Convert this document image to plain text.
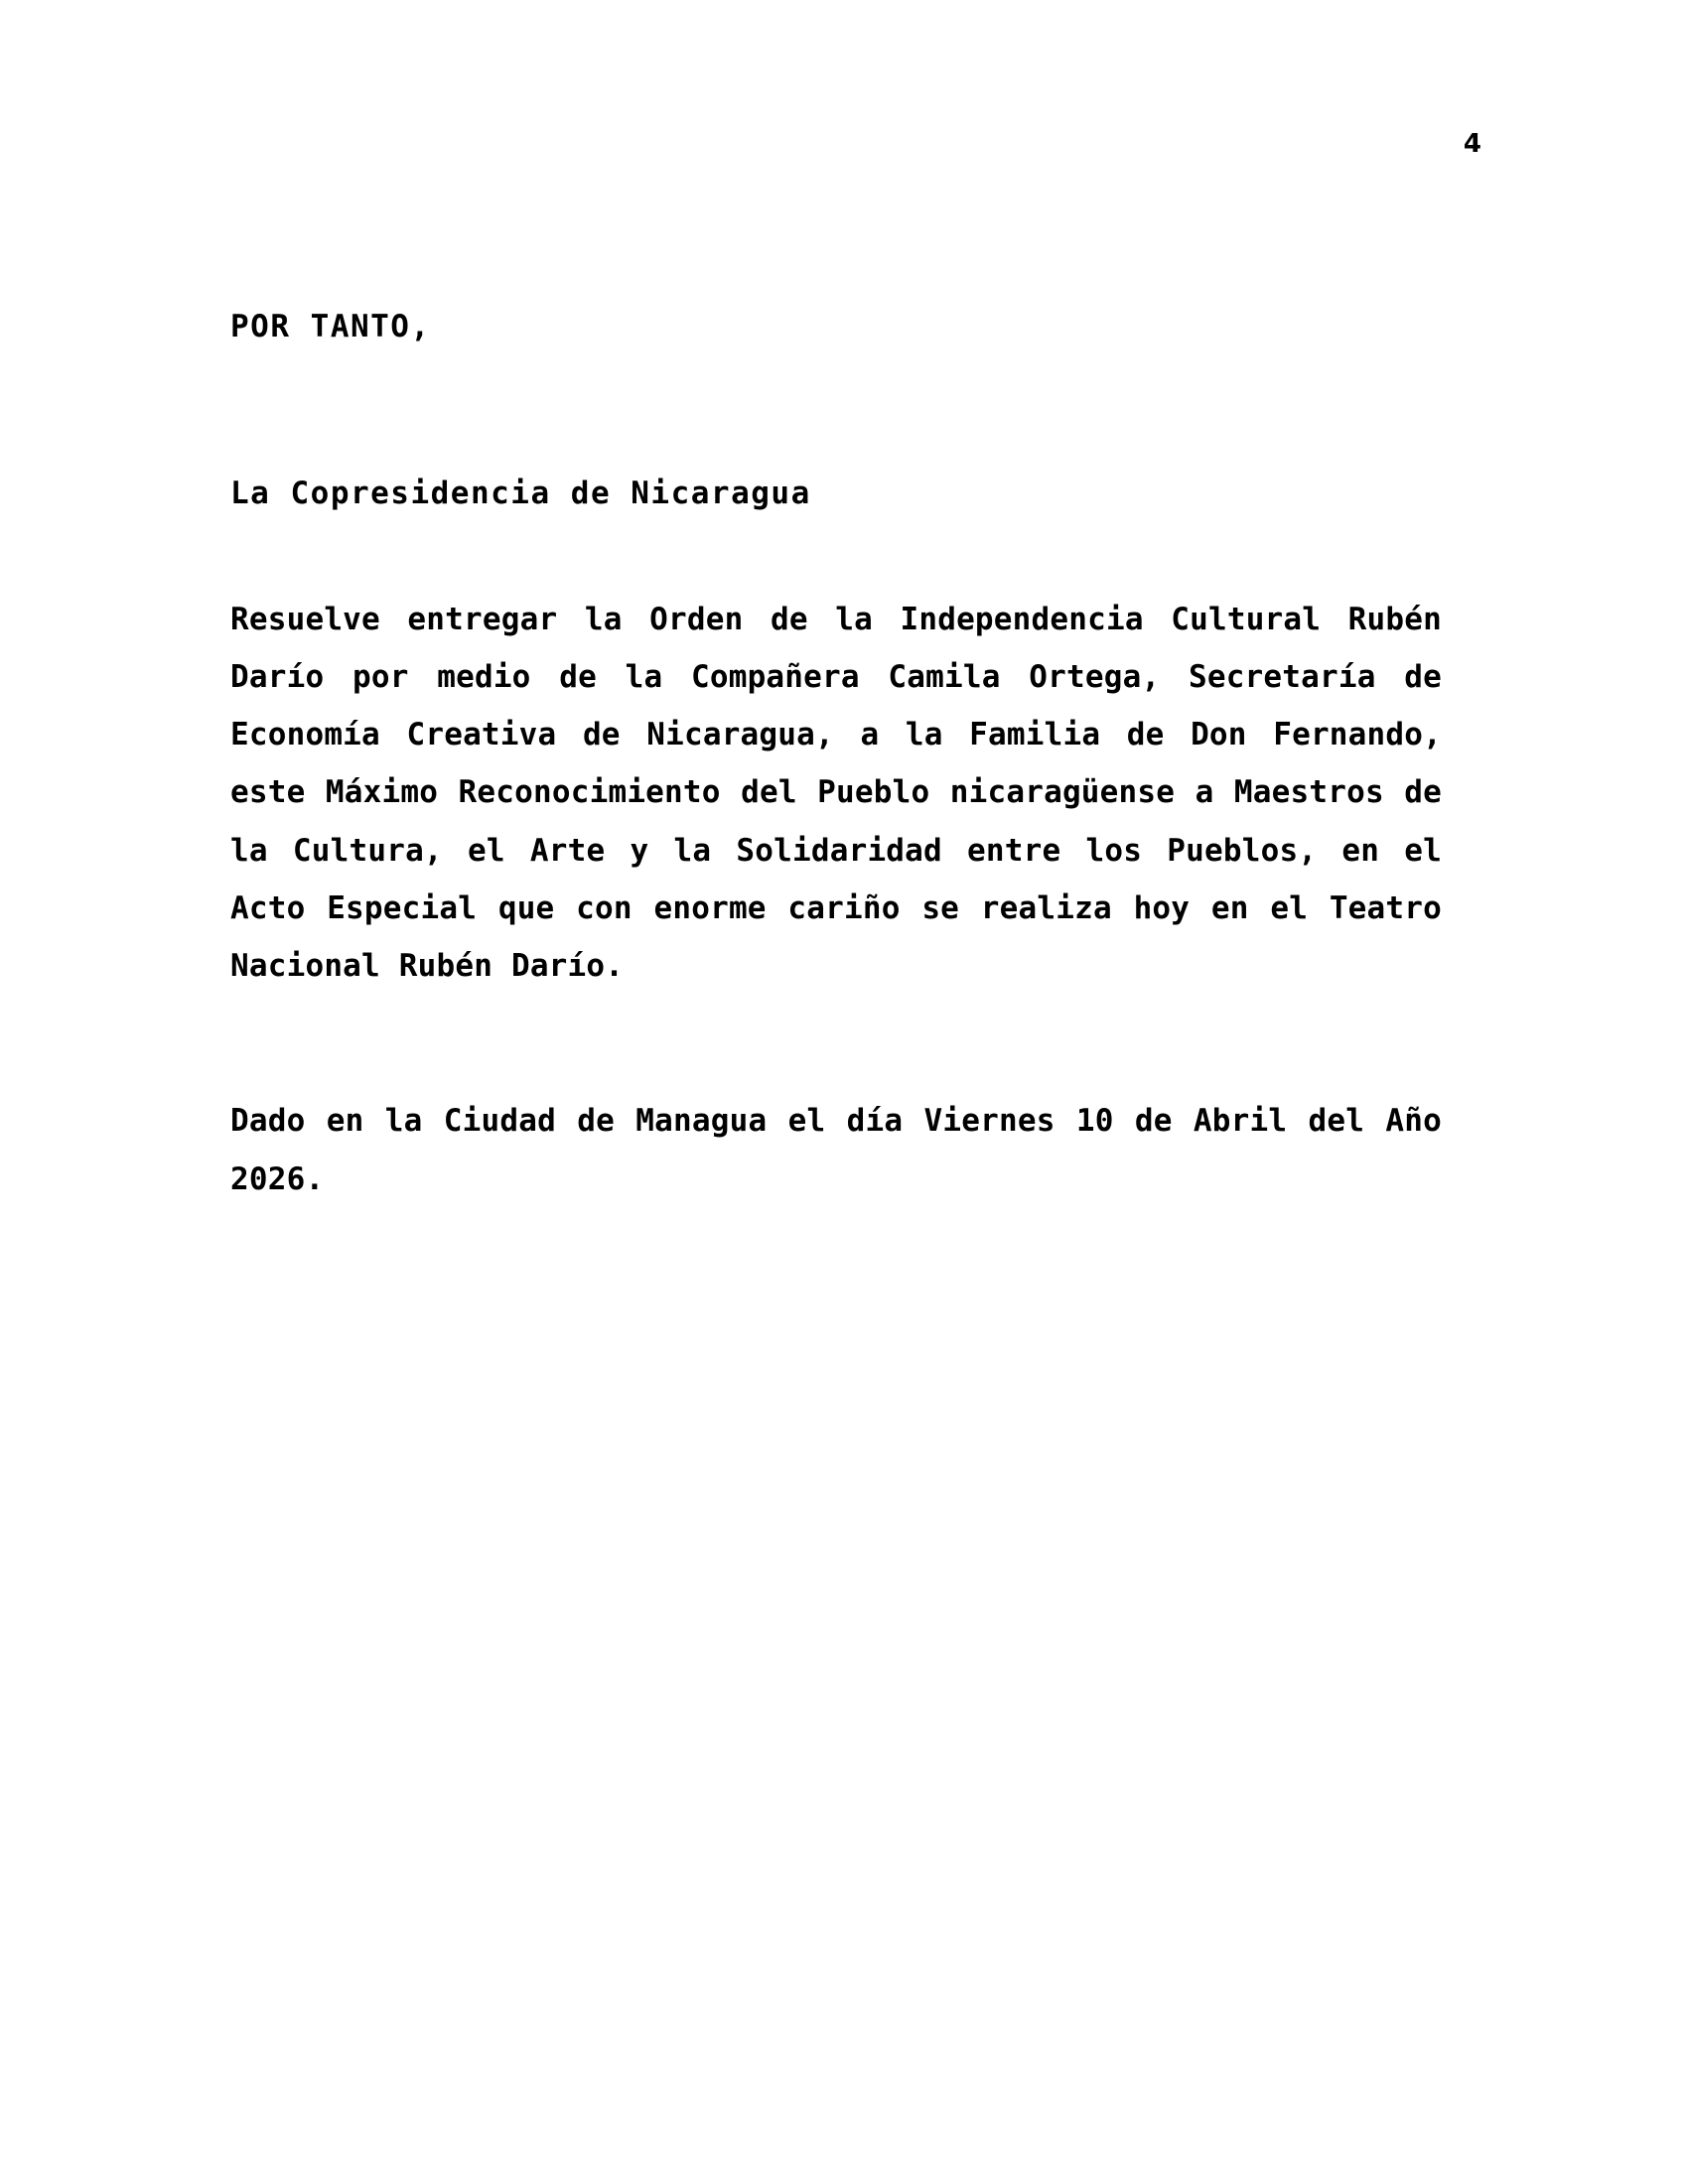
4

POR TANTO,

La Copresidencia de Nicaragua

Resuelve entregar la Orden de la Independencia Cultural Rubén Darío por medio de la Compañera Camila Ortega, Secretaría de Economía Creativa de Nicaragua, a la Familia de Don Fernando, este Máximo Reconocimiento del Pueblo nicaragüense a Maestros de la Cultura, el Arte y la Solidaridad entre los Pueblos, en el Acto Especial que con enorme cariño se realiza hoy en el Teatro Nacional Rubén Darío.

Dado en la Ciudad de Managua el día Viernes 10 de Abril del Año 2026.
